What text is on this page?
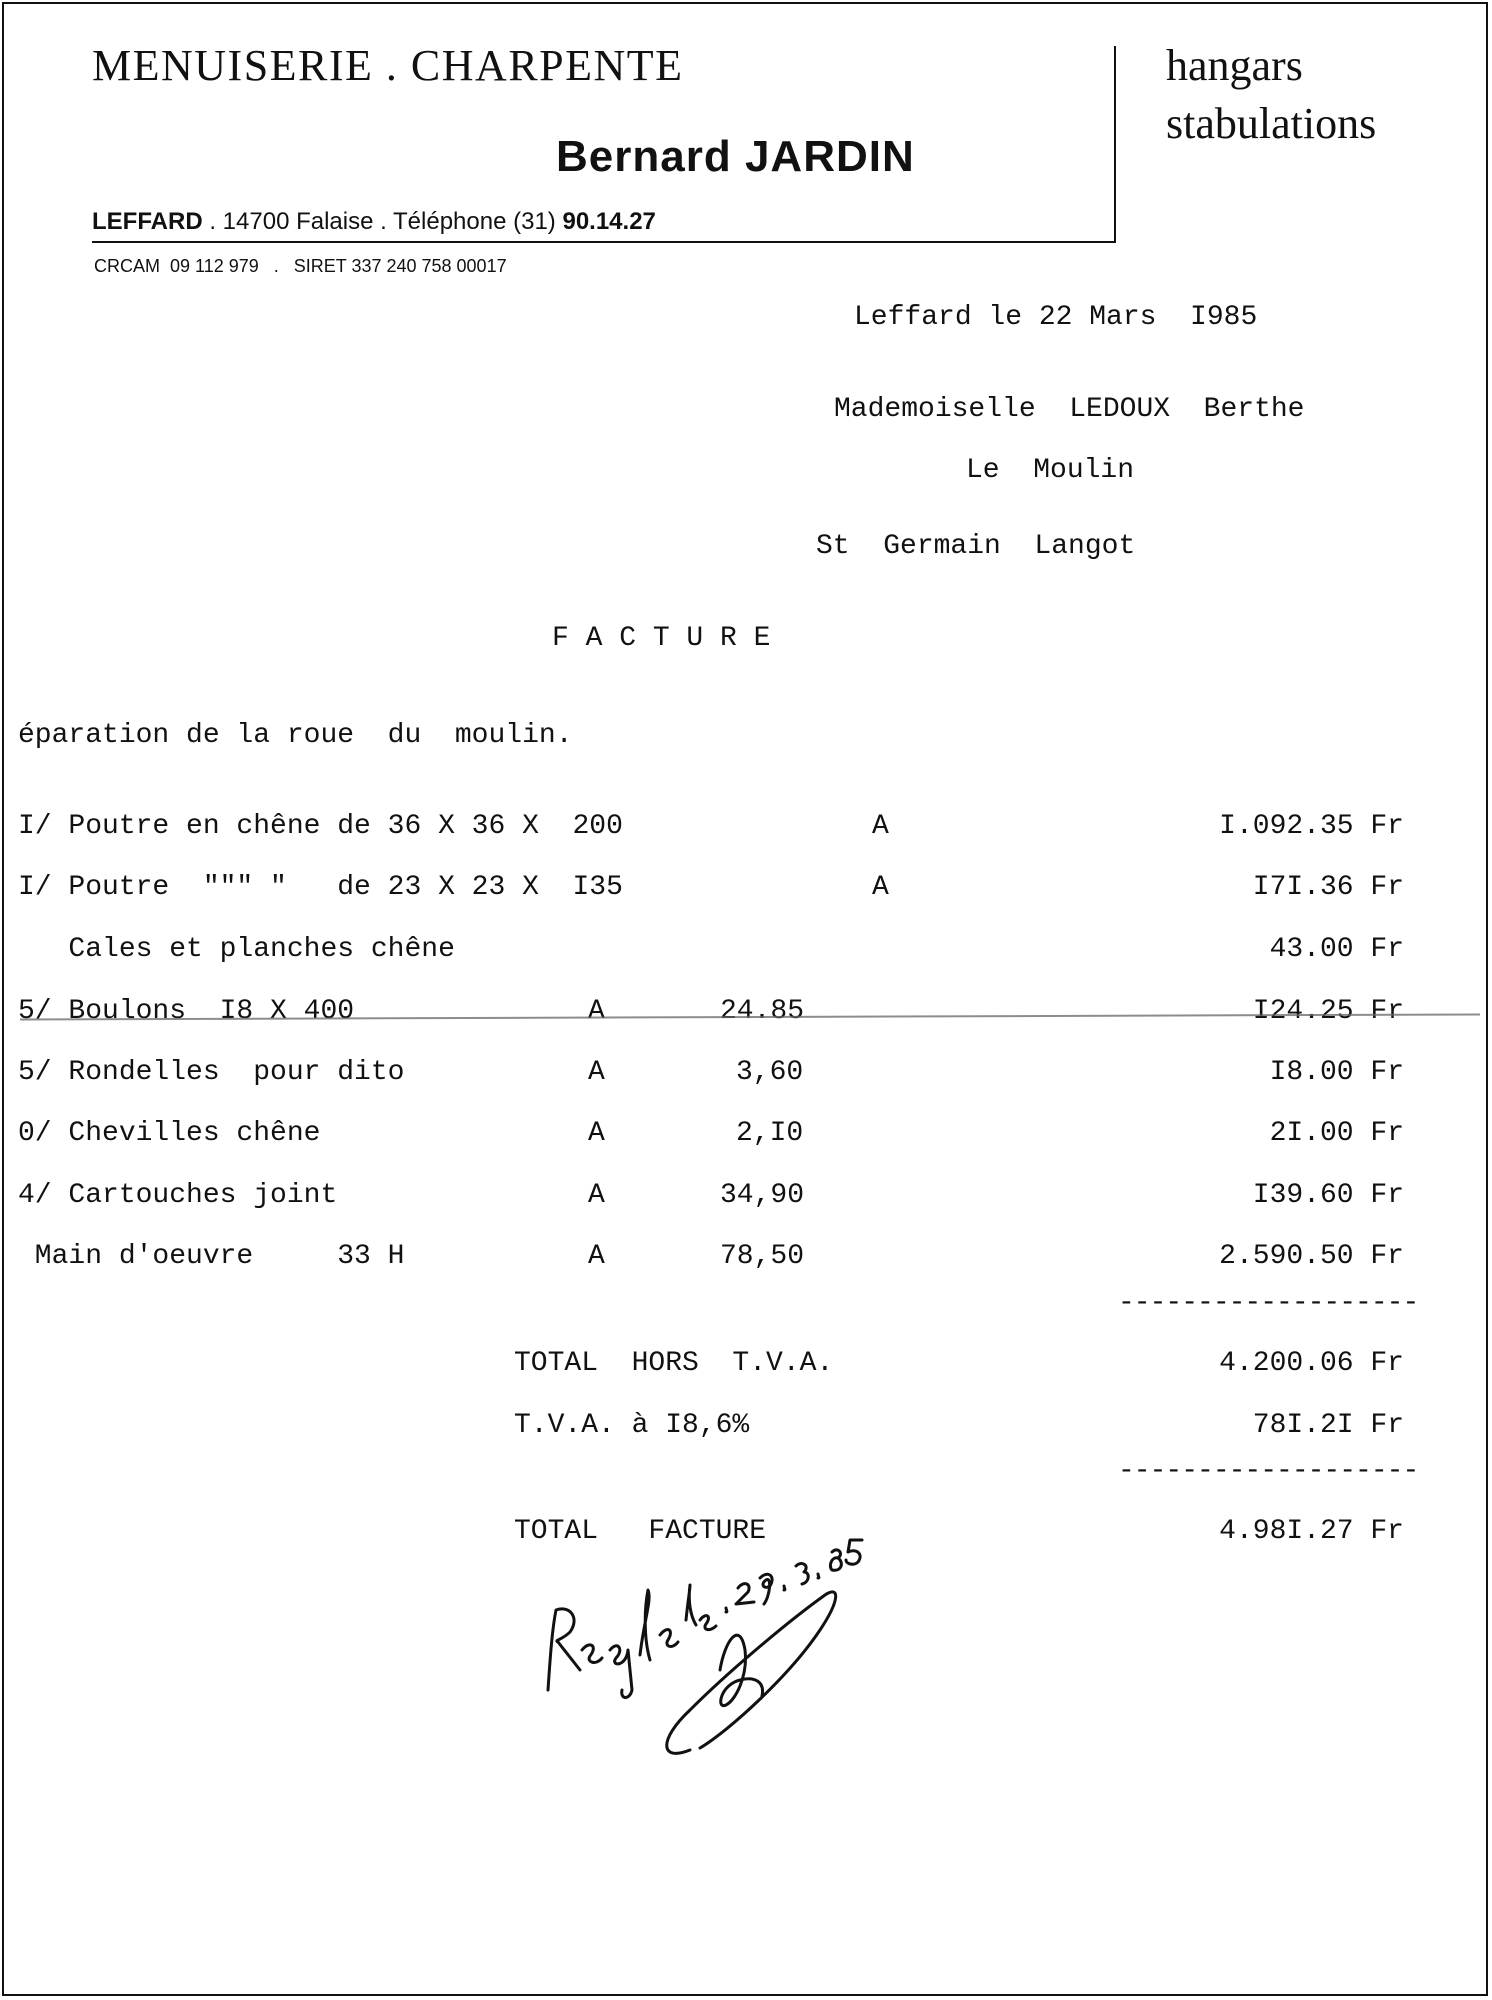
MENUISERIE . CHARPENTE	hangars
stabulations
Bernard JARDIN
LEFFARD . 14700 Falaise . Téléphone (31) 90.14.27
CRCAM  09 112 979   .   SIRET 337 240 758 00017
Leffard le 22 Mars  I985
Mademoiselle  LEDOUX  Berthe
Le  Moulin
St  Germain  Langot
F A C T U R E
éparation de la roue  du  moulin.
I/ Poutre en chêne de 36 X 36 X  200	A	I.092.35 Fr
I/ Poutre  """ "   de 23 X 23 X  I35	A	I7I.36 Fr
Cales et planches chêne	43.00 Fr
5/ Boulons  I8 X 400	A	24.85	I24.25 Fr
5/ Rondelles  pour dito	A	3,60	I8.00 Fr
0/ Chevilles chêne	A	2,I0	2I.00 Fr
4/ Cartouches joint	A	34,90	I39.60 Fr
Main d'oeuvre     33 H	A	78,50	2.590.50 Fr
-------------------
TOTAL  HORS  T.V.A.	4.200.06 Fr
T.V.A. à I8,6%	78I.2I Fr
-------------------
TOTAL   FACTURE	4.98I.27 Fr
